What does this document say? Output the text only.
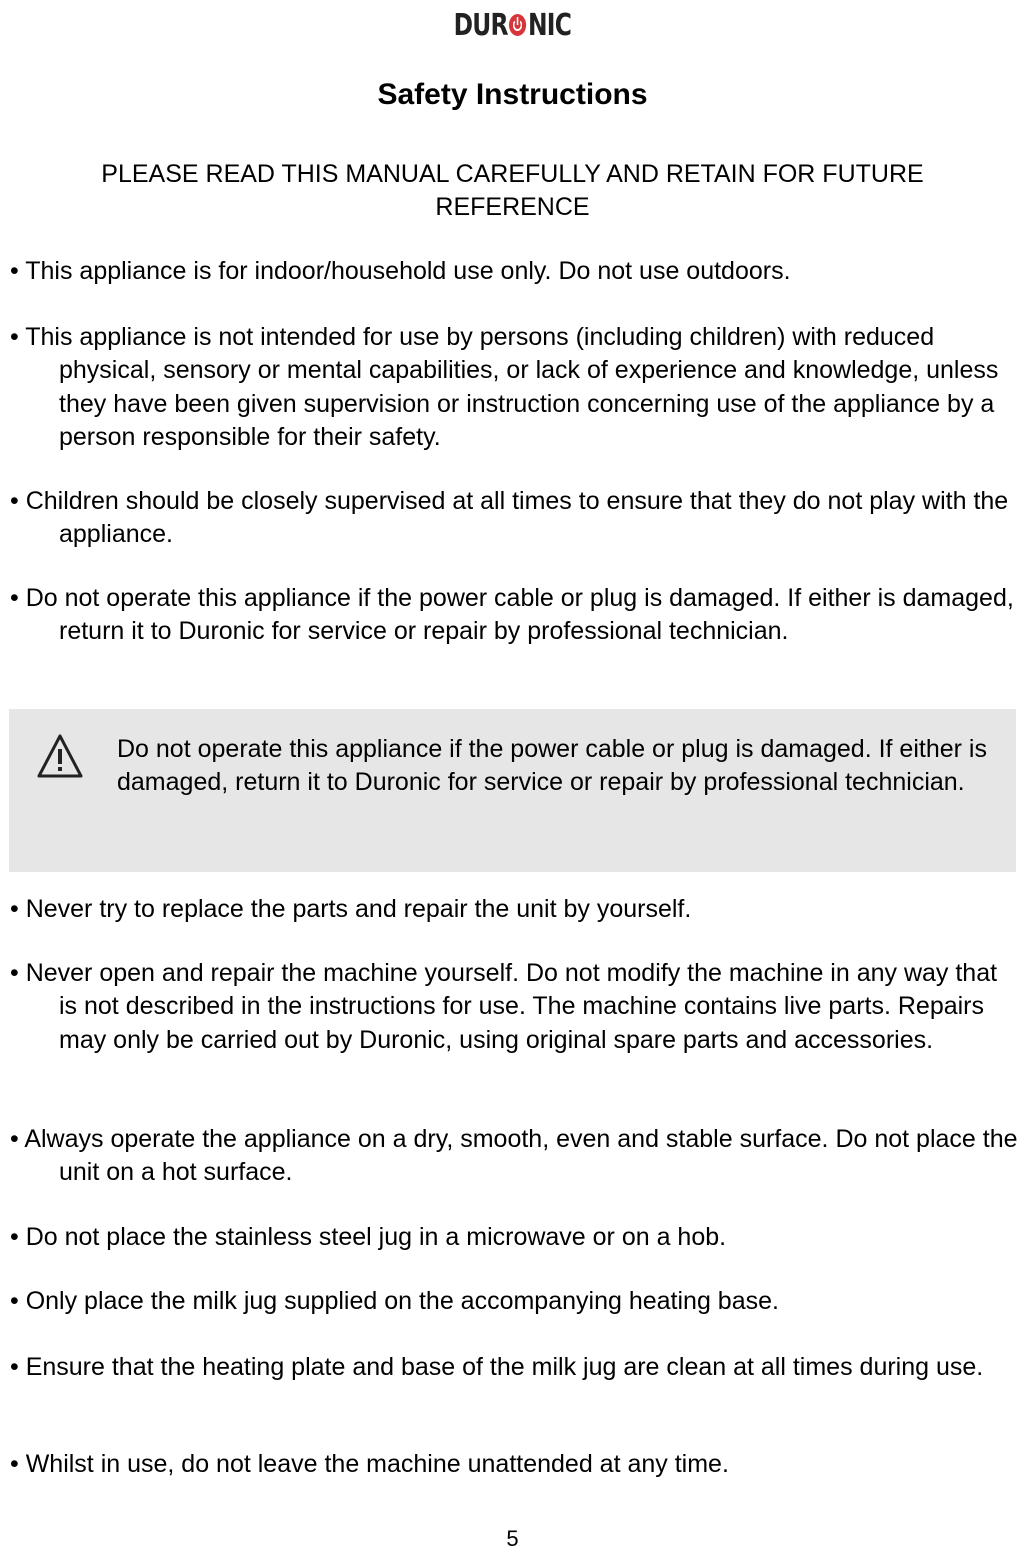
DUR NIC
Safety Instructions
PLEASE READ THIS MANUAL CAREFULLY AND RETAIN FOR FUTURE REFERENCE
• This appliance is for indoor/household use only. Do not use outdoors.
• This appliance is not intended for use by persons (including children) with reduced physical, sensory or mental capabilities, or lack of experience and knowledge, unless they have been given supervision or instruction concerning use of the appliance by a person responsible for their safety.
• Children should be closely supervised at all times to ensure that they do not play with the appliance.
• Do not operate this appliance if the power cable or plug is damaged. If either is damaged, return it to Duronic for service or repair by professional technician.
Do not operate this appliance if the power cable or plug is damaged. If either is damaged, return it to Duronic for service or repair by professional technician.
• Never try to replace the parts and repair the unit by yourself.
• Never open and repair the machine yourself. Do not modify the machine in any way that is not described in the instructions for use. The machine contains live parts. Repairs may only be carried out by Duronic, using original spare parts and accessories.
• Always operate the appliance on a dry, smooth, even and stable surface. Do not place the unit on a hot surface.
• Do not place the stainless steel jug in a microwave or on a hob.
• Only place the milk jug supplied on the accompanying heating base.
• Ensure that the heating plate and base of the milk jug are clean at all times during use.
• Whilst in use, do not leave the machine unattended at any time.
5
